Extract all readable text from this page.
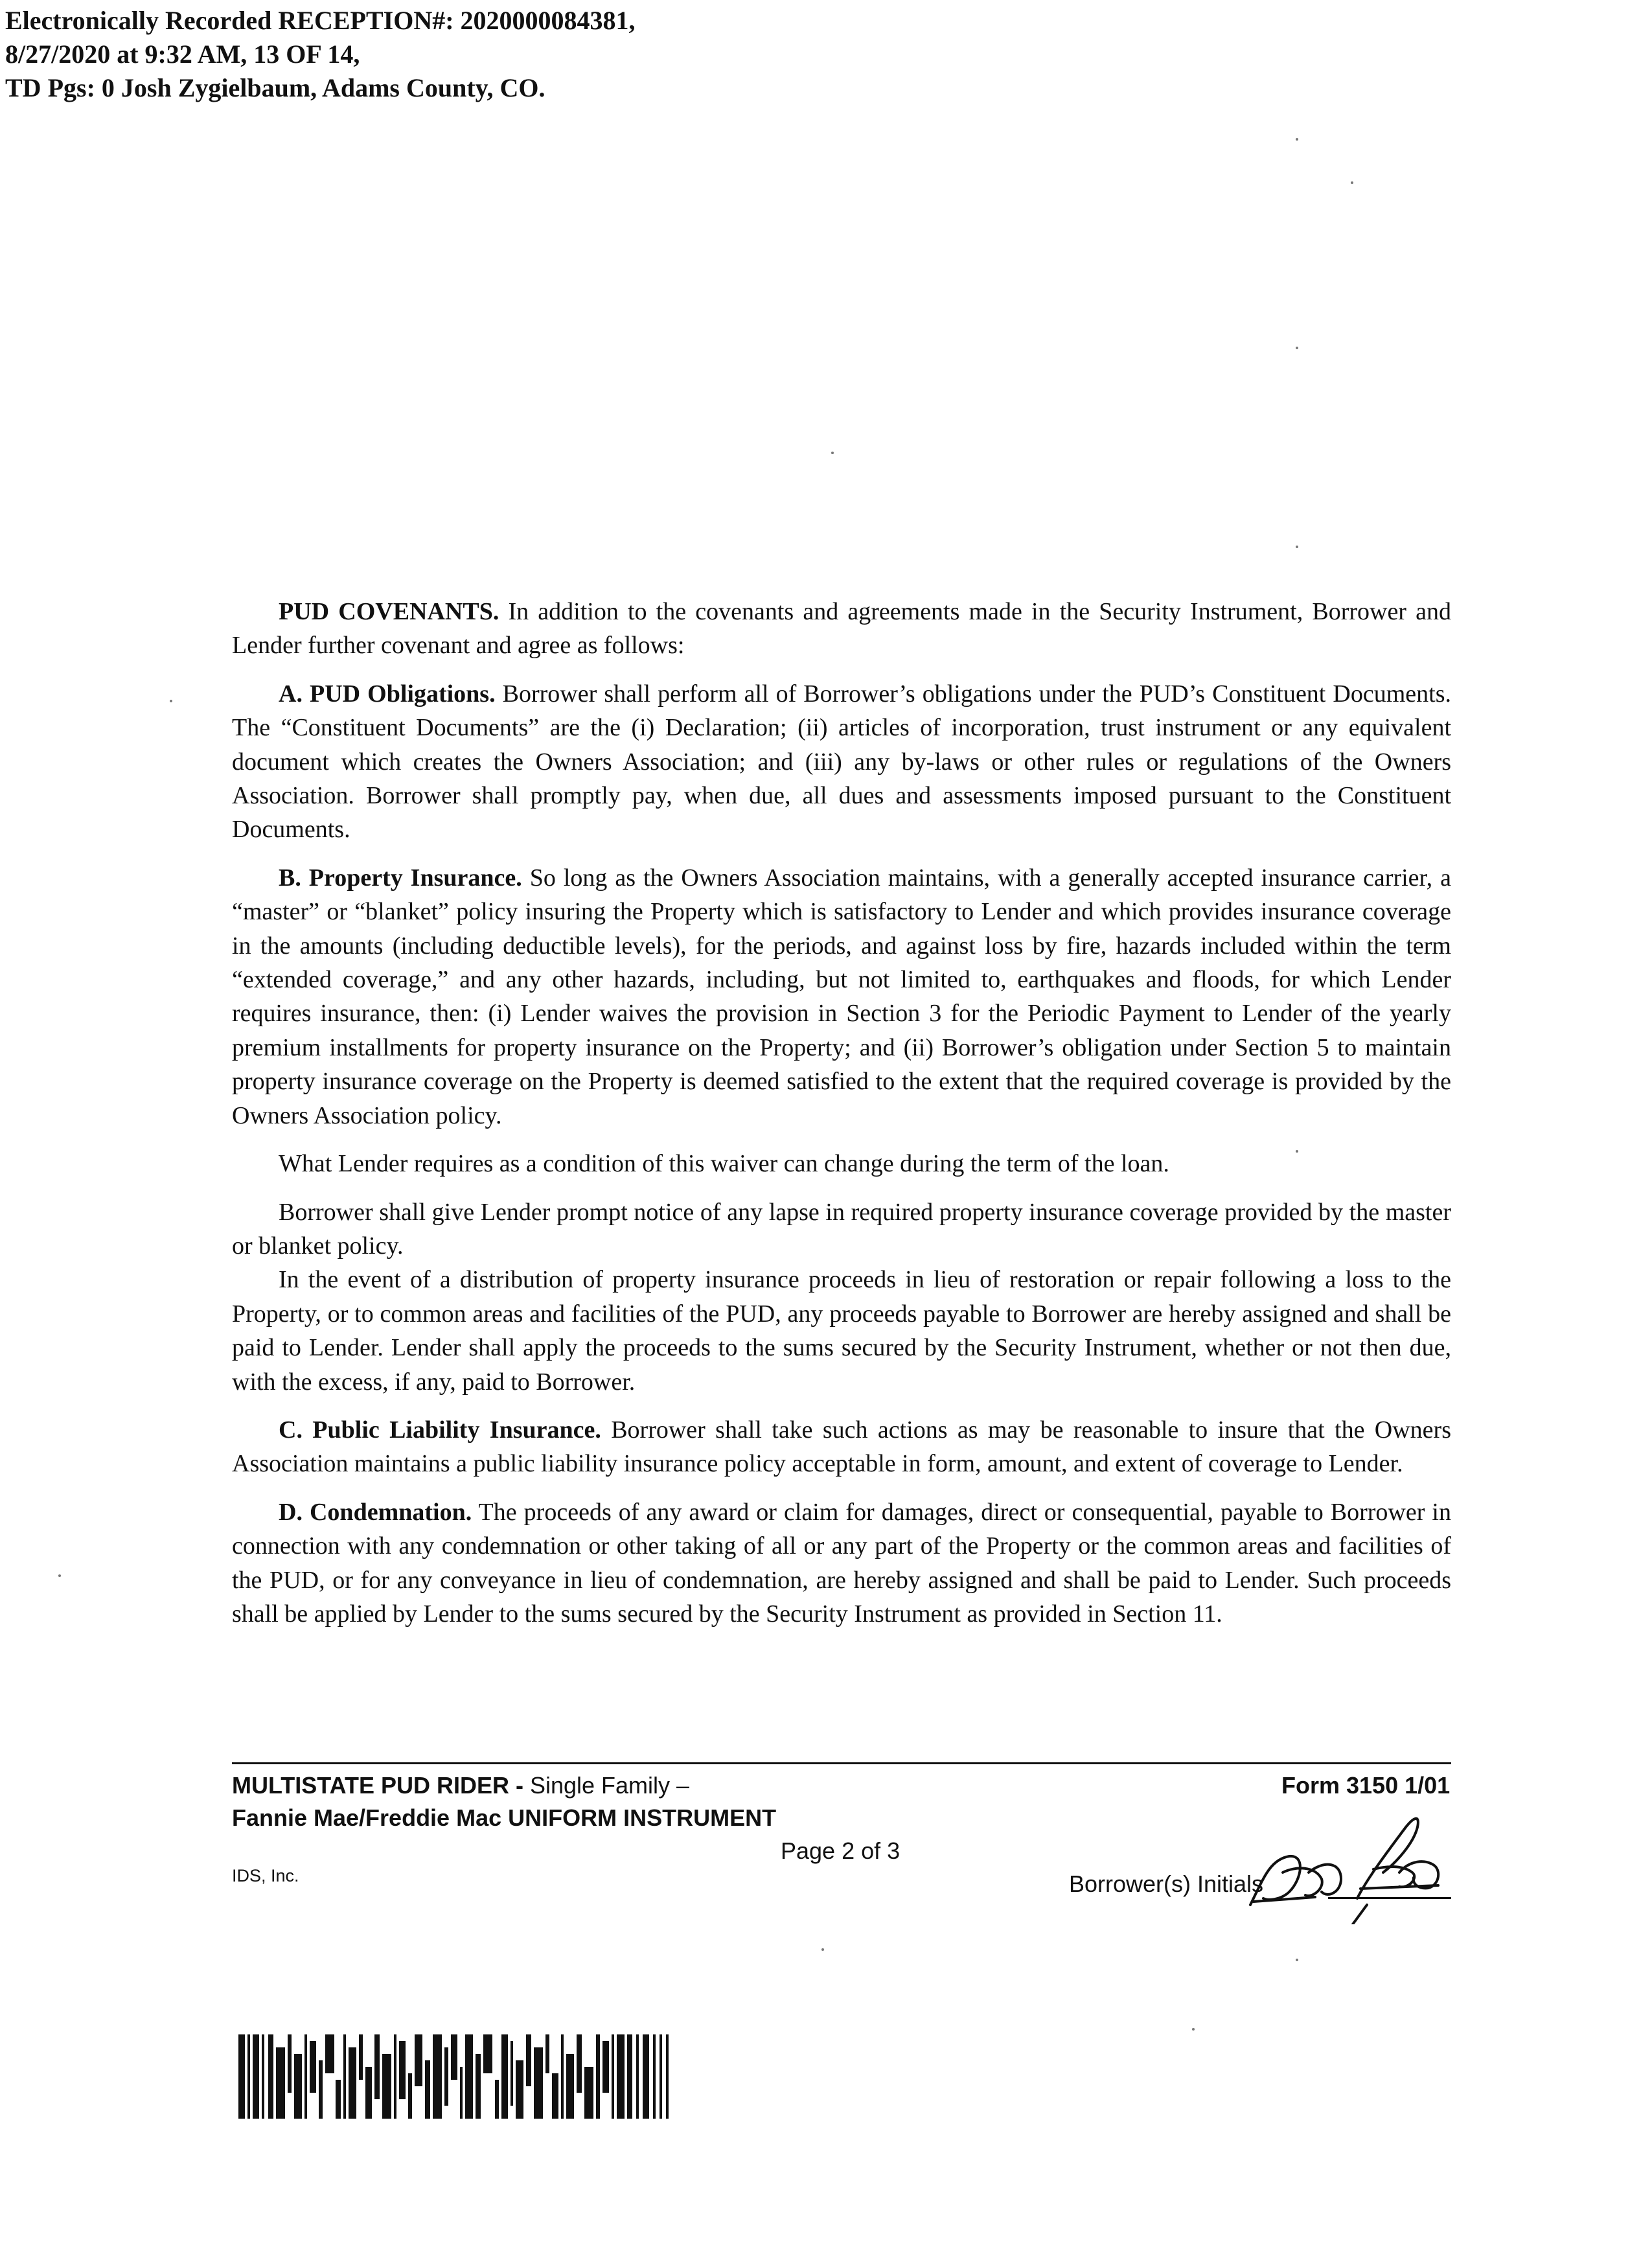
Electronically Recorded RECEPTION#: 2020000084381,
8/27/2020 at 9:32 AM, 13 OF 14,
TD Pgs: 0 Josh Zygielbaum, Adams County, CO.

PUD COVENANTS. In addition to the covenants and agreements made in the Security Instrument, Borrower and Lender further covenant and agree as follows:

A. PUD Obligations. Borrower shall perform all of Borrower’s obligations under the PUD’s Constituent Documents. The “Constituent Documents” are the (i) Declaration; (ii) articles of incorporation, trust instrument or any equivalent document which creates the Owners Association; and (iii) any by-laws or other rules or regulations of the Owners Association. Borrower shall promptly pay, when due, all dues and assessments imposed pursuant to the Constituent Documents.

B. Property Insurance. So long as the Owners Association maintains, with a generally accepted insurance carrier, a “master” or “blanket” policy insuring the Property which is satisfactory to Lender and which provides insurance coverage in the amounts (including deductible levels), for the periods, and against loss by fire, hazards included within the term “extended coverage,” and any other hazards, including, but not limited to, earthquakes and floods, for which Lender requires insurance, then: (i) Lender waives the provision in Section 3 for the Periodic Payment to Lender of the yearly premium installments for property insurance on the Property; and (ii) Borrower’s obligation under Section 5 to maintain property insurance coverage on the Property is deemed satisfied to the extent that the required coverage is provided by the Owners Association policy.

What Lender requires as a condition of this waiver can change during the term of the loan.

Borrower shall give Lender prompt notice of any lapse in required property insurance coverage provided by the master or blanket policy.

In the event of a distribution of property insurance proceeds in lieu of restoration or repair following a loss to the Property, or to common areas and facilities of the PUD, any proceeds payable to Borrower are hereby assigned and shall be paid to Lender. Lender shall apply the proceeds to the sums secured by the Security Instrument, whether or not then due, with the excess, if any, paid to Borrower.

C. Public Liability Insurance. Borrower shall take such actions as may be reasonable to insure that the Owners Association maintains a public liability insurance policy acceptable in form, amount, and extent of coverage to Lender.

D. Condemnation. The proceeds of any award or claim for damages, direct or consequential, payable to Borrower in connection with any condemnation or other taking of all or any part of the Property or the common areas and facilities of the PUD, or for any conveyance in lieu of condemnation, are hereby assigned and shall be paid to Lender. Such proceeds shall be applied by Lender to the sums secured by the Security Instrument as provided in Section 11.

MULTISTATE PUD RIDER - Single Family –
Fannie Mae/Freddie Mac UNIFORM INSTRUMENT
Form 3150 1/01
Page 2 of 3
Borrower(s) Initials
IDS, Inc.
